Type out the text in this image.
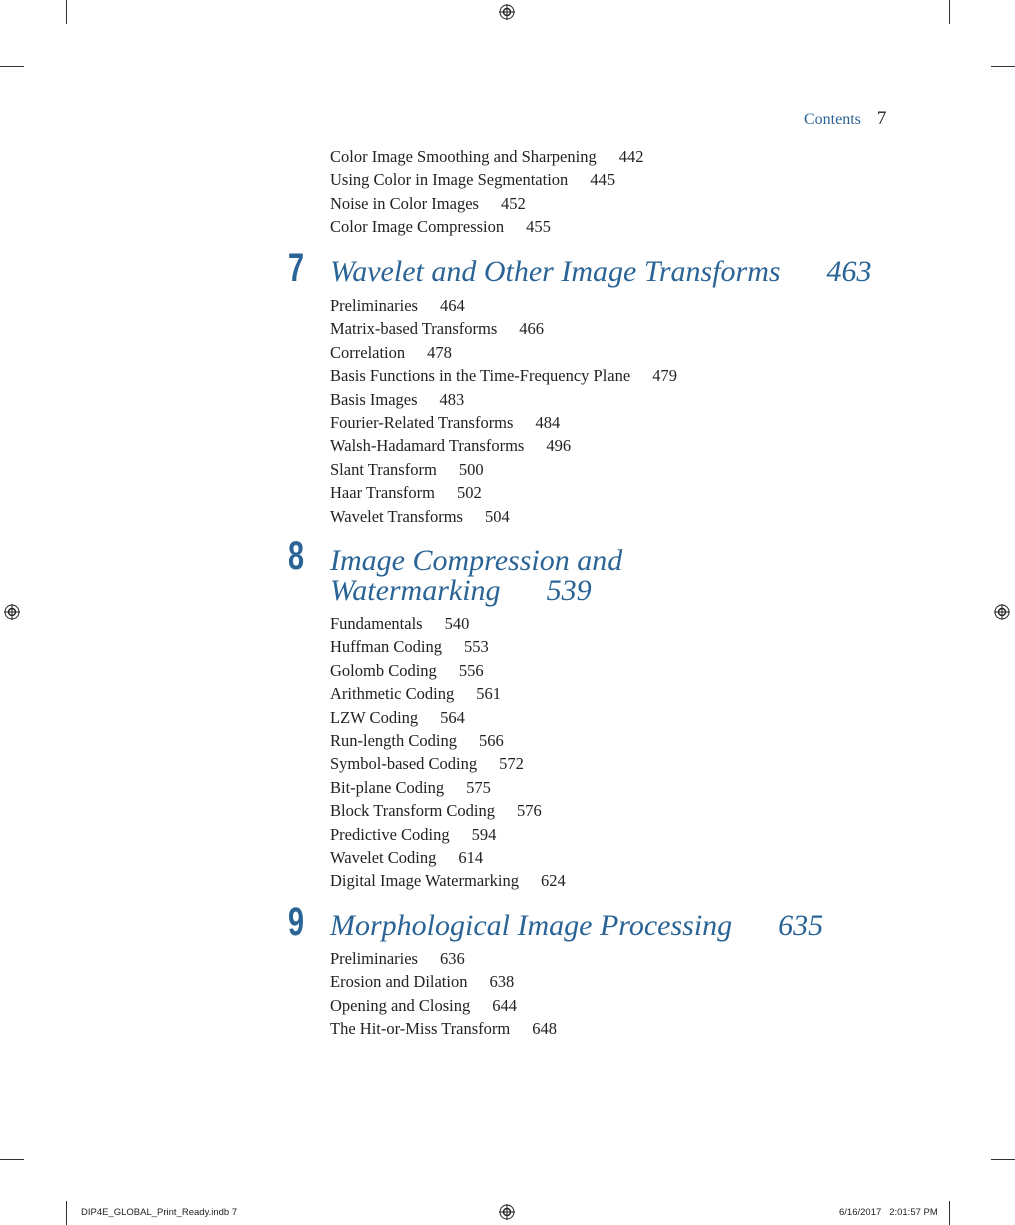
Contents 7
Color Image Smoothing and Sharpening 442
Using Color in Image Segmentation 445
Noise in Color Images 452
Color Image Compression 455
7 Wavelet and Other Image Transforms 463
Preliminaries 464
Matrix-based Transforms 466
Correlation 478
Basis Functions in the Time-Frequency Plane 479
Basis Images 483
Fourier-Related Transforms 484
Walsh-Hadamard Transforms 496
Slant Transform 500
Haar Transform 502
Wavelet Transforms 504
8 Image Compression and
Watermarking 539
Fundamentals 540
Huffman Coding 553
Golomb Coding 556
Arithmetic Coding 561
LZW Coding 564
Run-length Coding 566
Symbol-based Coding 572
Bit-plane Coding 575
Block Transform Coding 576
Predictive Coding 594
Wavelet Coding 614
Digital Image Watermarking 624
9 Morphological Image Processing 635
Preliminaries 636
Erosion and Dilation 638
Opening and Closing 644
The Hit-or-Miss Transform 648
DIP4E_GLOBAL_Print_Ready.indb 7	6/16/2017 2:01:57 PM
